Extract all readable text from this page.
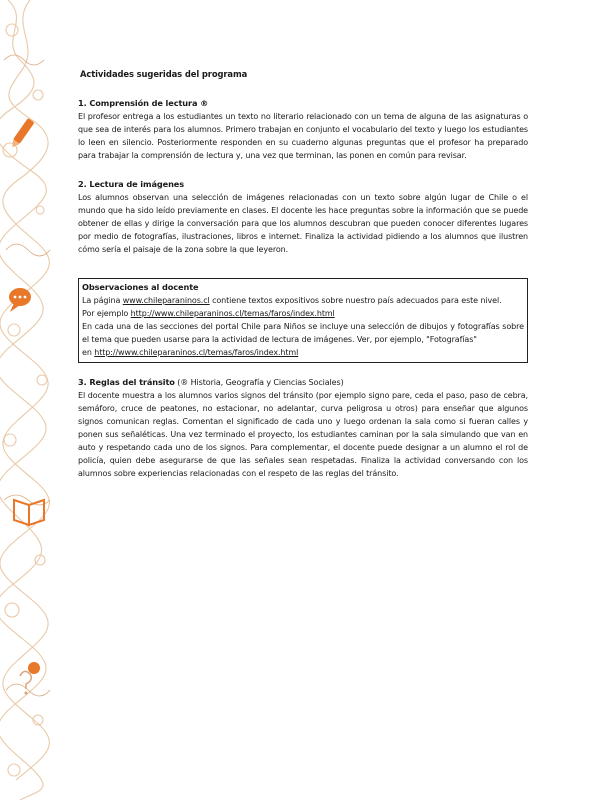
Actividades sugeridas del programa
1. Comprensión de lectura ®

El profesor entrega a los estudiantes un texto no literario relacionado con un tema de alguna de las asignaturas o que sea de interés para los alumnos. Primero trabajan en conjunto el vocabulario del texto y luego los estudiantes lo leen en silencio. Posteriormente responden en su cuaderno algunas preguntas que el profesor ha preparado para trabajar la comprensión de lectura y, una vez que terminan, las ponen en común para revisar.

2. Lectura de imágenes

Los alumnos observan una selección de imágenes relacionadas con un texto sobre algún lugar de Chile o el mundo que ha sido leído previamente en clases. El docente les hace preguntas sobre la información que se puede obtener de ellas y dirige la conversación para que los alumnos descubran que pueden conocer diferentes lugares por medio de fotografías, ilustraciones, libros e internet. Finaliza la actividad pidiendo a los alumnos que ilustren cómo sería el paisaje de la zona sobre la que leyeron.

Observaciones al docente

La página www.chileparaninos.cl contiene textos expositivos sobre nuestro país adecuados para este nivel.

Por ejemplo http://www.chileparaninos.cl/temas/faros/index.html

En cada una de las secciones del portal Chile para Niños se incluye una selección de dibujos y fotografías sobre el tema que pueden usarse para la actividad de lectura de imágenes. Ver, por ejemplo, "Fotografías"

en http://www.chileparaninos.cl/temas/faros/index.html

3. Reglas del tránsito (® Historia, Geografía y Ciencias Sociales)

El docente muestra a los alumnos varios signos del tránsito (por ejemplo signo pare, ceda el paso, paso de cebra, semáforo, cruce de peatones, no estacionar, no adelantar, curva peligrosa u otros) para enseñar que algunos signos comunican reglas. Comentan el significado de cada uno y luego ordenan la sala como si fueran calles y ponen sus señaléticas. Una vez terminado el proyecto, los estudiantes caminan por la sala simulando que van en auto y respetando cada uno de los signos. Para complementar, el docente puede designar a un alumno el rol de policía, quien debe asegurarse de que las señales sean respetadas. Finaliza la actividad conversando con los alumnos sobre experiencias relacionadas con el respeto de las reglas del tránsito.
